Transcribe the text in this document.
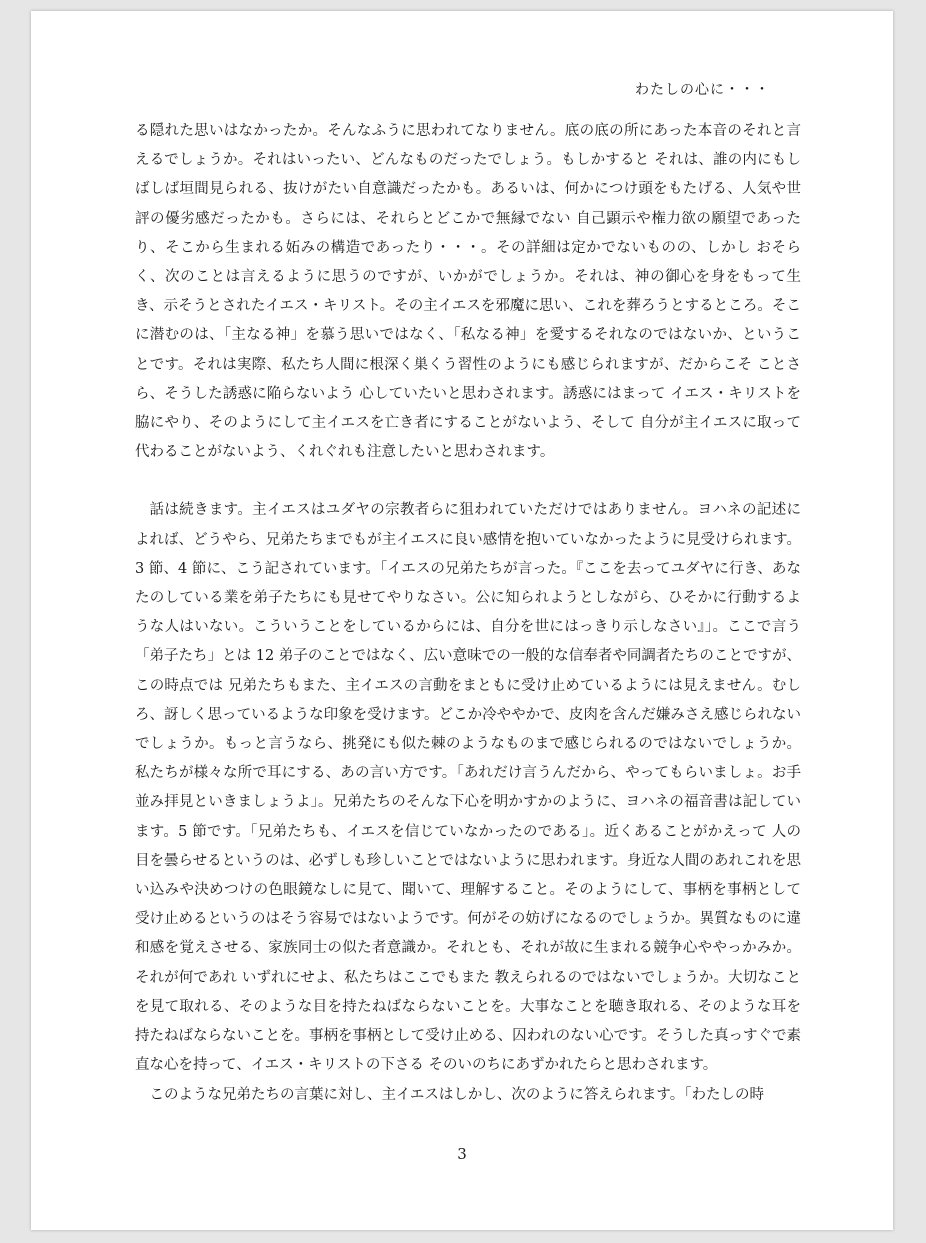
わたしの心に・・・

る隠れた思いはなかったか。そんなふうに思われてなりません。底の底の所にあった本音のそれと言えるでしょうか。それはいったい、どんなものだったでしょう。もしかすると それは、誰の内にもしばしば垣間見られる、抜けがたい自意識だったかも。あるいは、何かにつけ頭をもたげる、人気や世評の優劣感だったかも。さらには、それらとどこかで無縁でない 自己顕示や権力欲の願望であったり、そこから生まれる妬みの構造であったり・・・。その詳細は定かでないものの、しかし おそらく、次のことは言えるように思うのですが、いかがでしょうか。それは、神の御心を身をもって生き、示そうとされたイエス・キリスト。その主イエスを邪魔に思い、これを葬ろうとするところ。そこに潜むのは、「主なる神」を慕う思いではなく、「私なる神」を愛するそれなのではないか、ということです。それは実際、私たち人間に根深く巣くう習性のようにも感じられますが、だからこそ ことさら、そうした誘惑に陥らないよう 心していたいと思わされます。誘惑にはまって イエス・キリストを脇にやり、そのようにして主イエスを亡き者にすることがないよう、そして 自分が主イエスに取って代わることがないよう、くれぐれも注意したいと思わされます。

話は続きます。主イエスはユダヤの宗教者らに狙われていただけではありません。ヨハネの記述によれば、どうやら、兄弟たちまでもが主イエスに良い感情を抱いていなかったように見受けられます。3 節、4 節に、こう記されています。「イエスの兄弟たちが言った。『ここを去ってユダヤに行き、あなたのしている業を弟子たちにも見せてやりなさい。公に知られようとしながら、ひそかに行動するような人はいない。こういうことをしているからには、自分を世にはっきり示しなさい』」。ここで言う「弟子たち」とは 12 弟子のことではなく、広い意味での一般的な信奉者や同調者たちのことですが、この時点では 兄弟たちもまた、主イエスの言動をまともに受け止めているようには見えません。むしろ、訝しく思っているような印象を受けます。どこか冷ややかで、皮肉を含んだ嫌みさえ感じられないでしょうか。もっと言うなら、挑発にも似た棘のようなものまで感じられるのではないでしょうか。私たちが様々な所で耳にする、あの言い方です。「あれだけ言うんだから、やってもらいましょ。お手並み拝見といきましょうよ」。兄弟たちのそんな下心を明かすかのように、ヨハネの福音書は記しています。5 節です。「兄弟たちも、イエスを信じていなかったのである」。近くあることがかえって 人の目を曇らせるというのは、必ずしも珍しいことではないように思われます。身近な人間のあれこれを思い込みや決めつけの色眼鏡なしに見て、聞いて、理解すること。そのようにして、事柄を事柄として受け止めるというのはそう容易ではないようです。何がその妨げになるのでしょうか。異質なものに違和感を覚えさせる、家族同士の似た者意識か。それとも、それが故に生まれる競争心ややっかみか。それが何であれ いずれにせよ、私たちはここでもまた 教えられるのではないでしょうか。大切なことを見て取れる、そのような目を持たねばならないことを。大事なことを聴き取れる、そのような耳を持たねばならないことを。事柄を事柄として受け止める、囚われのない心です。そうした真っすぐで素直な心を持って、イエス・キリストの下さる そのいのちにあずかれたらと思わされます。

このような兄弟たちの言葉に対し、主イエスはしかし、次のように答えられます。「わたしの時

3
